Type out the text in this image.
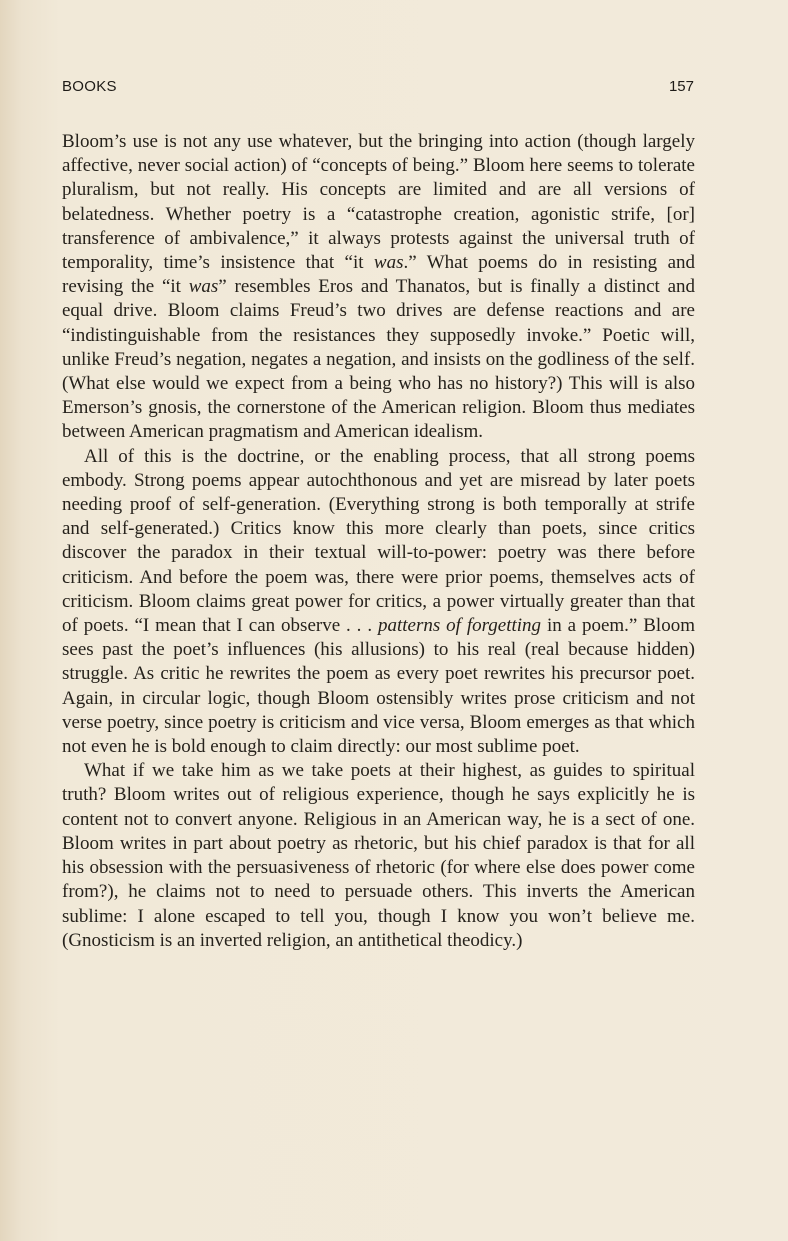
BOOKS	157

Bloom’s use is not any use whatever, but the bringing into action (though largely affective, never social action) of “concepts of being.” Bloom here seems to tolerate pluralism, but not really. His concepts are limited and are all versions of belatedness. Whether poetry is a “catastrophe creation, agonistic strife, [or] transference of ambivalence,” it always protests against the universal truth of temporality, time’s insistence that “it was.” What poems do in resisting and revising the “it was” resembles Eros and Thanatos, but is finally a distinct and equal drive. Bloom claims Freud’s two drives are defense reactions and are “indistinguishable from the resistances they supposedly invoke.” Poetic will, unlike Freud’s negation, negates a negation, and insists on the godliness of the self. (What else would we expect from a being who has no history?) This will is also Emerson’s gnosis, the cornerstone of the American religion. Bloom thus mediates between American pragmatism and American idealism.

All of this is the doctrine, or the enabling process, that all strong poems embody. Strong poems appear autochthonous and yet are misread by later poets needing proof of self-generation. (Everything strong is both temporally at strife and self-generated.) Critics know this more clearly than poets, since critics discover the paradox in their textual will-to-power: poetry was there before criticism. And before the poem was, there were prior poems, themselves acts of criticism. Bloom claims great power for critics, a power virtually greater than that of poets. “I mean that I can observe . . . patterns of forgetting in a poem.” Bloom sees past the poet’s influences (his allusions) to his real (real because hidden) struggle. As critic he rewrites the poem as every poet rewrites his precursor poet. Again, in circular logic, though Bloom ostensibly writes prose criticism and not verse poetry, since poetry is criticism and vice versa, Bloom emerges as that which not even he is bold enough to claim directly: our most sublime poet.

What if we take him as we take poets at their highest, as guides to spiritual truth? Bloom writes out of religious experience, though he says explicitly he is content not to convert anyone. Religious in an American way, he is a sect of one. Bloom writes in part about poetry as rhetoric, but his chief paradox is that for all his obsession with the persuasiveness of rhetoric (for where else does power come from?), he claims not to need to persuade others. This inverts the American sublime: I alone escaped to tell you, though I know you won’t believe me. (Gnosticism is an inverted religion, an antithetical theodicy.)
